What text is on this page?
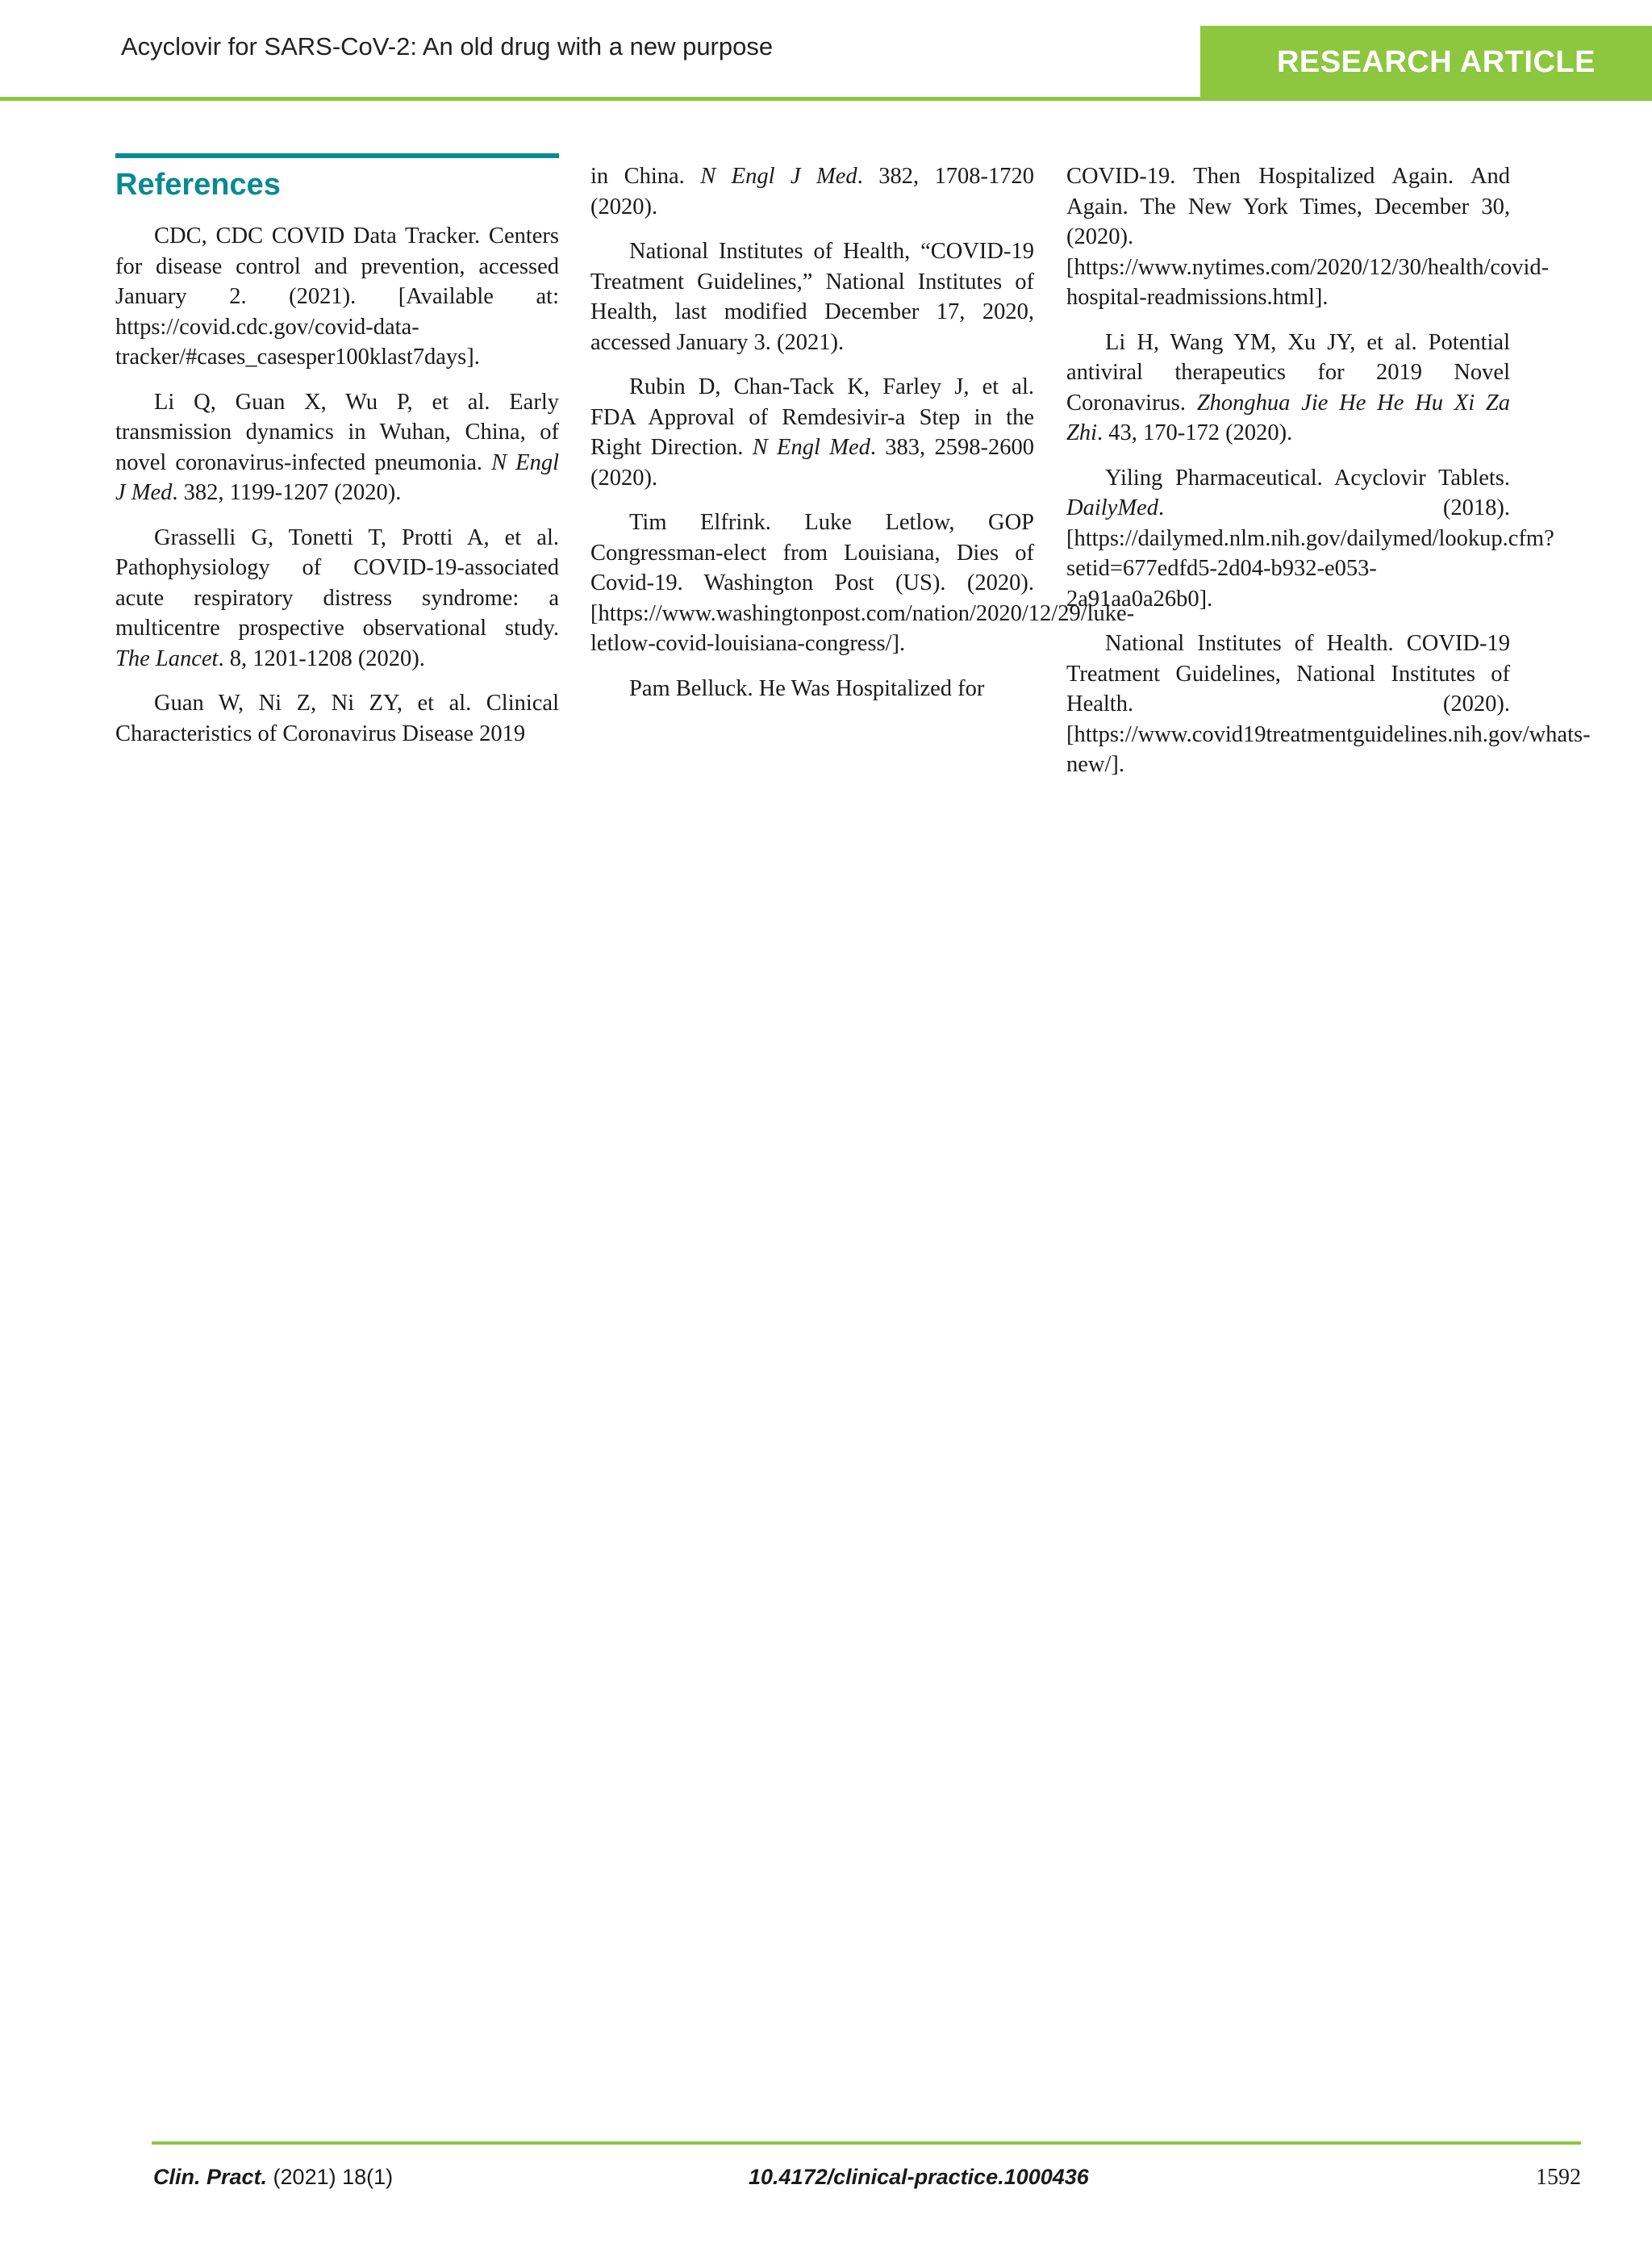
Acyclovir for SARS-CoV-2: An old drug with a new purpose	RESEARCH ARTICLE
References

CDC, CDC COVID Data Tracker. Centers for disease control and prevention, accessed January 2. (2021). [Available at: https://covid.cdc.gov/covid-data-tracker/#cases_casesper100klast7days].

Li Q, Guan X, Wu P, et al. Early transmission dynamics in Wuhan, China, of novel coronavirus-infected pneumonia. N Engl J Med. 382, 1199-1207 (2020).

Grasselli G, Tonetti T, Protti A, et al. Pathophysiology of COVID-19-associated acute respiratory distress syndrome: a multicentre prospective observational study. The Lancet. 8, 1201-1208 (2020).

Guan W, Ni Z, Ni ZY, et al. Clinical Characteristics of Coronavirus Disease 2019

in China. N Engl J Med. 382, 1708-1720 (2020).

National Institutes of Health, “COVID-19 Treatment Guidelines,” National Institutes of Health, last modified December 17, 2020, accessed January 3. (2021).

Rubin D, Chan-Tack K, Farley J, et al. FDA Approval of Remdesivir-a Step in the Right Direction. N Engl Med. 383, 2598-2600 (2020).

Tim Elfrink. Luke Letlow, GOP Congressman-elect from Louisiana, Dies of Covid-19. Washington Post (US). (2020). [https://www.washingtonpost.com/nation/2020/12/29/luke-letlow-covid-louisiana-congress/].

Pam Belluck. He Was Hospitalized for

COVID-19. Then Hospitalized Again. And Again. The New York Times, December 30, (2020). [https://www.nytimes.com/2020/12/30/health/covid-hospital-readmissions.html].

Li H, Wang YM, Xu JY, et al. Potential antiviral therapeutics for 2019 Novel Coronavirus. Zhonghua Jie He He Hu Xi Za Zhi. 43, 170-172 (2020).

Yiling Pharmaceutical. Acyclovir Tablets. DailyMed. (2018). [https://dailymed.nlm.nih.gov/dailymed/lookup.cfm?setid=677edfd5-2d04-b932-e053-2a91aa0a26b0].

National Institutes of Health. COVID-19 Treatment Guidelines, National Institutes of Health. (2020). [https://www.covid19treatmentguidelines.nih.gov/whats-new/].

Clin. Pract. (2021) 18(1)	10.4172/clinical-practice.1000436	1592
